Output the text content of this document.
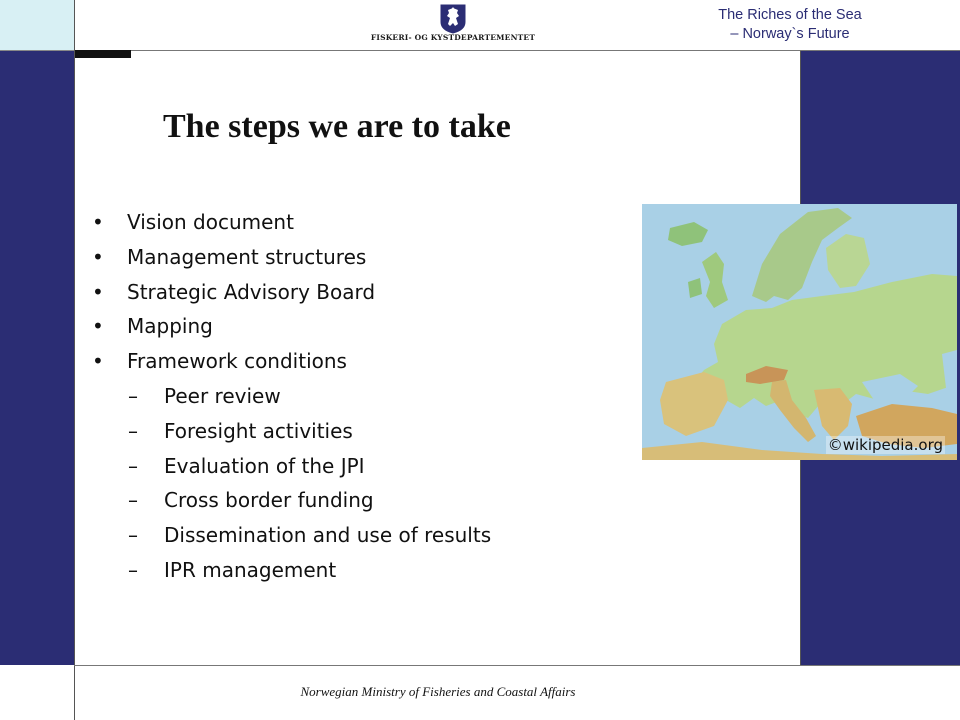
FISKERI- OG KYSTDEPARTEMENTET
The Riches of the Sea
– Norway`s Future
The steps we are to take
• Vision document
• Management structures
• Strategic Advisory Board
• Mapping
• Framework conditions
– Peer review
– Foresight activities
– Evaluation of the JPI
– Cross border funding
– Dissemination and use of results
– IPR management
©wikipedia.org
Norwegian Ministry of Fisheries and Coastal Affairs
